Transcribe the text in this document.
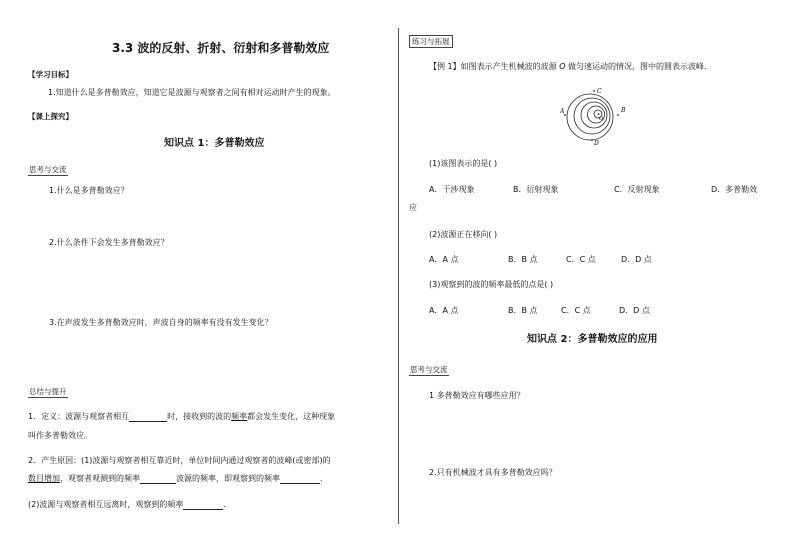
3.3 波的反射、折射、衍射和多普勒效应
【学习目标】
1.知道什么是多普勒效应，知道它是波源与观察者之间有相对运动时产生的现象。
【课上探究】
知识点 1：多普勒效应
思考与交流
1.什么是多普勒效应？
2.什么条件下会发生多普勒效应？
3.在声波发生多普勒效应时，声波自身的频率有没有发生变化？
总结与提升
1．定义：波源与观察者相互	时，接收到的波的频率都会发生变化，这种现象
叫作多普勒效应。
2．产生原因：(1)波源与观察者相互靠近时，单位时间内通过观察者的波峰(或密部)的
数目增加，观察者观测到的频率	波源的频率，即观察到的频率	.
(2)波源与观察者相互远离时，观察到的频率	.
练习与拓展
【例 1】如图表示产生机械波的波源 O 做匀速运动的情况，图中的圆表示波峰.
C
A	B
D
O
(1)该图表示的是( )
A．干涉现象	B．衍射现象	C．反射现象	D．多普勒效
应
(2)波源正在移向( )
A．A 点	B．B 点	C．C 点	D．D 点
(3)观察到的波的频率最低的点是( )
A．A 点	B．B 点	C．C 点	D．D 点
知识点 2：多普勒效应的应用
思考与交流
1 多普勒效应有哪些应用？
2.只有机械波才具有多普勒效应吗？
